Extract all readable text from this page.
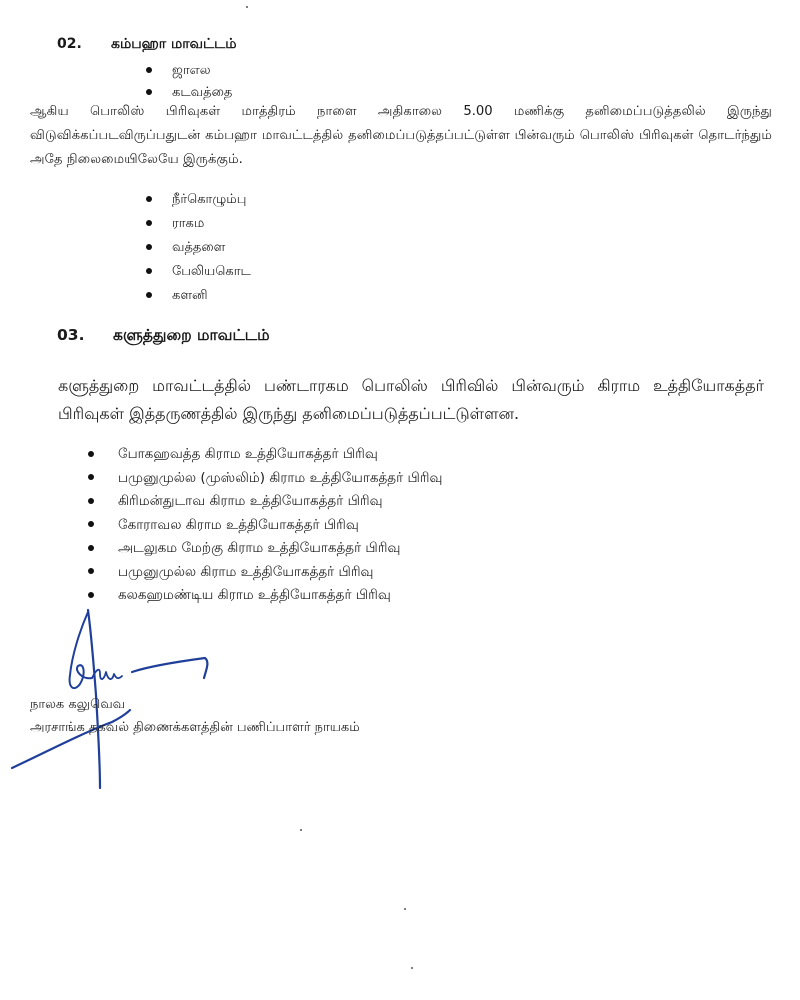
02.	கம்பஹா மாவட்டம்
ஜாஎல
கடவத்தை

ஆகிய பொலிஸ் பிரிவுகள் மாத்திரம் நாளை அதிகாலை 5.00 மணிக்கு தனிமைப்படுத்தலில் இருந்து விடுவிக்கப்படவிருப்பதுடன் கம்பஹா மாவட்டத்தில் தனிமைப்படுத்தப்பட்டுள்ள பின்வரும் பொலிஸ் பிரிவுகள் தொடர்ந்தும் அதே நிலைமையிலேயே இருக்கும்.

நீர்கொழும்பு
ராகம
வத்தளை
பேலியகொட
களனி
03.	களுத்துறை மாவட்டம்

களுத்துறை மாவட்டத்தில் பண்டாரகம பொலிஸ் பிரிவில் பின்வரும் கிராம உத்தியோகத்தர் பிரிவுகள் இத்தருணத்தில் இருந்து தனிமைப்படுத்தப்பட்டுள்ளன.

போகஹவத்த கிராம உத்தியோகத்தர் பிரிவு
பமுனுமுல்ல (முஸ்லிம்) கிராம உத்தியோகத்தர் பிரிவு
கிரிமன்துடாவ கிராம உத்தியோகத்தர் பிரிவு
கோராவல கிராம உத்தியோகத்தர் பிரிவு
அடலுகம மேற்கு கிராம உத்தியோகத்தர் பிரிவு
பமுனுமுல்ல கிராம உத்தியோகத்தர் பிரிவு
கலகஹமண்டிய கிராம உத்தியோகத்தர் பிரிவு
நாலக கலுவெவ
அரசாங்க தகவல் திணைக்களத்தின் பணிப்பாளர் நாயகம்
